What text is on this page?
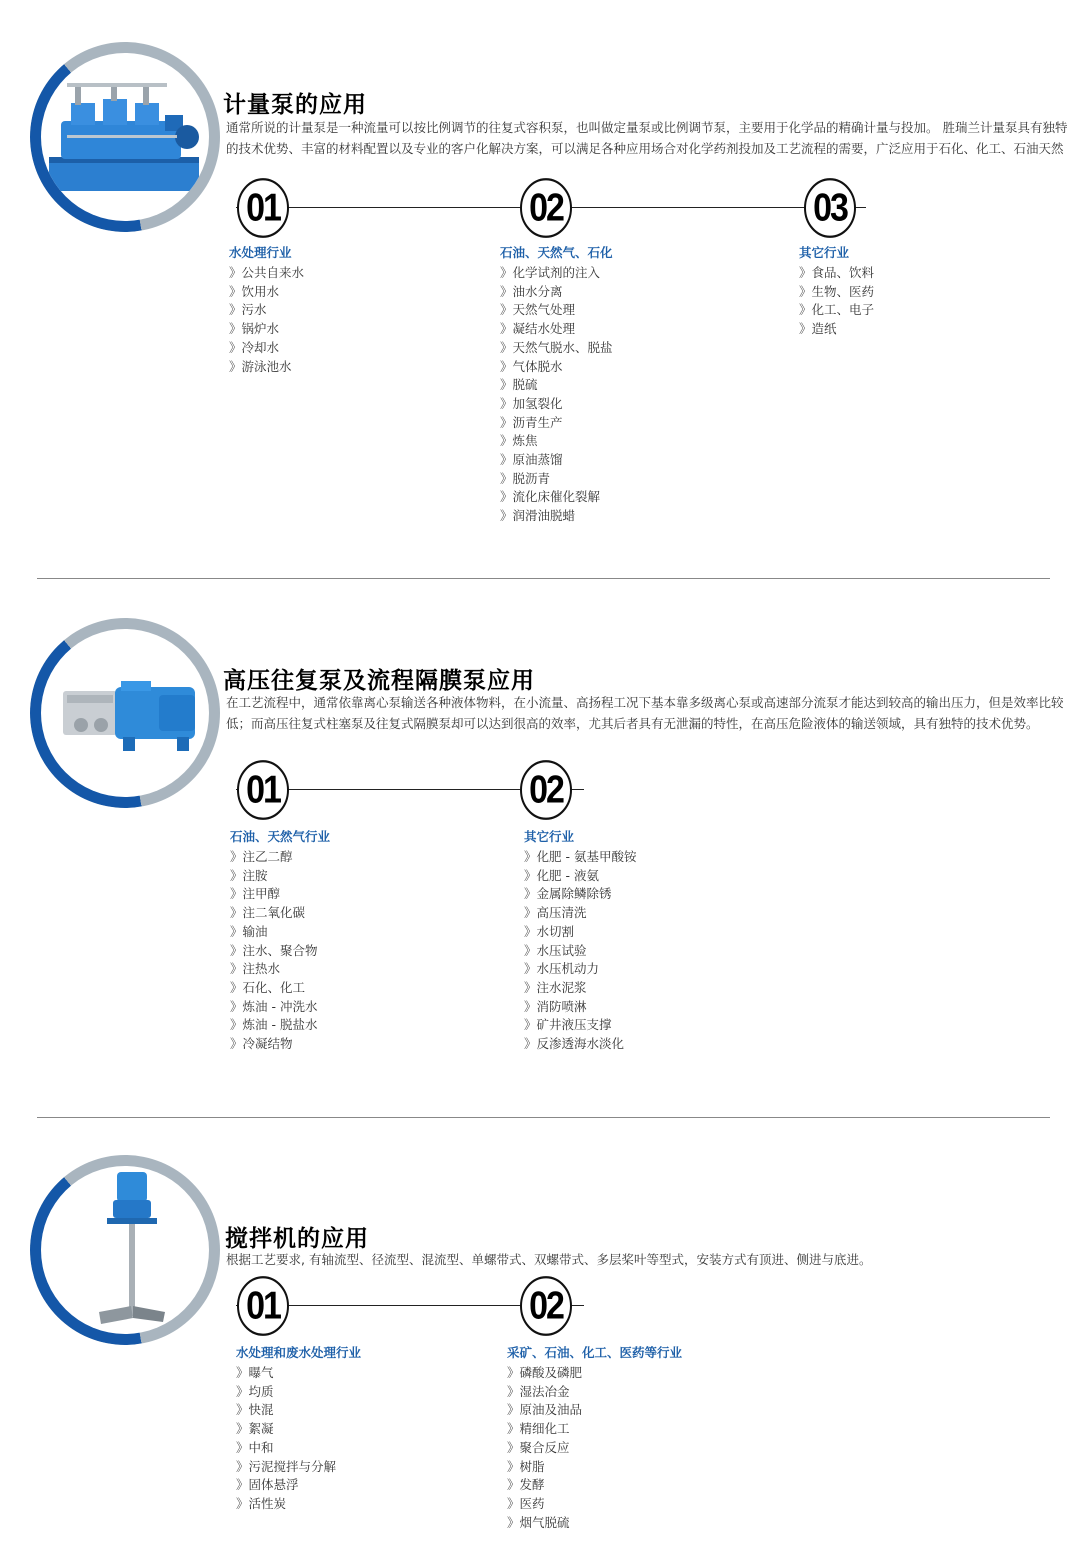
计量泵的应用

通常所说的计量泵是一种流量可以按比例调节的往复式容积泵，也叫做定量泵或比例调节泵，主要用于化学品的精确计量与投加。 胜瑞兰计量泵具有独特的技术优势、丰富的材料配置以及专业的客户化解决方案，可以满足各种应用场合对化学药剂投加及工艺流程的需要，广泛应用于石化、化工、石油天然

01	02	03
水处理行业
》 公共自来水
》 饮用水
》 污水
》 锅炉水
》 冷却水
》 游泳池水
石油、天然气、石化
》 化学试剂的注入
》 油水分离
》 天然气处理
》 凝结水处理
》 天然气脱水、脱盐
》 气体脱水
》 脱硫
》 加氢裂化
》 沥青生产
》 炼焦
》 原油蒸馏
》 脱沥青
》 流化床催化裂解
》 润滑油脱蜡
其它行业
》 食品、饮料
》 生物、医药
》 化工、电子
》 造纸
高压往复泵及流程隔膜泵应用

在工艺流程中，通常依靠离心泵输送各种液体物料，在小流量、高扬程工况下基本靠多级离心泵或高速部分流泵才能达到较高的输出压力，但是效率比较低；而高压往复式柱塞泵及往复式隔膜泵却可以达到很高的效率，尤其后者具有无泄漏的特性，在高压危险液体的输送领域，具有独特的技术优势。

01	02
石油、天然气行业
》 注乙二醇
》 注胺
》 注甲醇
》 注二氧化碳
》 输油
》 注水、聚合物
》 注热水
》 石化、化工
》 炼油 - 冲洗水
》 炼油 - 脱盐水
》 冷凝结物
其它行业
》 化肥 - 氨基甲酸铵
》 化肥 - 液氨
》 金属除鳞除锈
》 高压清洗
》 水切割
》 水压试验
》 水压机动力
》 注水泥浆
》 消防喷淋
》 矿井液压支撑
》 反渗透海水淡化
搅拌机的应用

根据工艺要求, 有轴流型、径流型、混流型、单螺带式、双螺带式、多层桨叶等型式，安装方式有顶进、侧进与底进。

01	02
水处理和废水处理行业
》 曝气
》 均质
》 快混
》 絮凝
》 中和
》 污泥搅拌与分解
》 固体悬浮
》 活性炭
采矿、石油、化工、医药等行业
》 磷酸及磷肥
》 湿法冶金
》 原油及油品
》 精细化工
》 聚合反应
》 树脂
》 发酵
》 医药
》 烟气脱硫
